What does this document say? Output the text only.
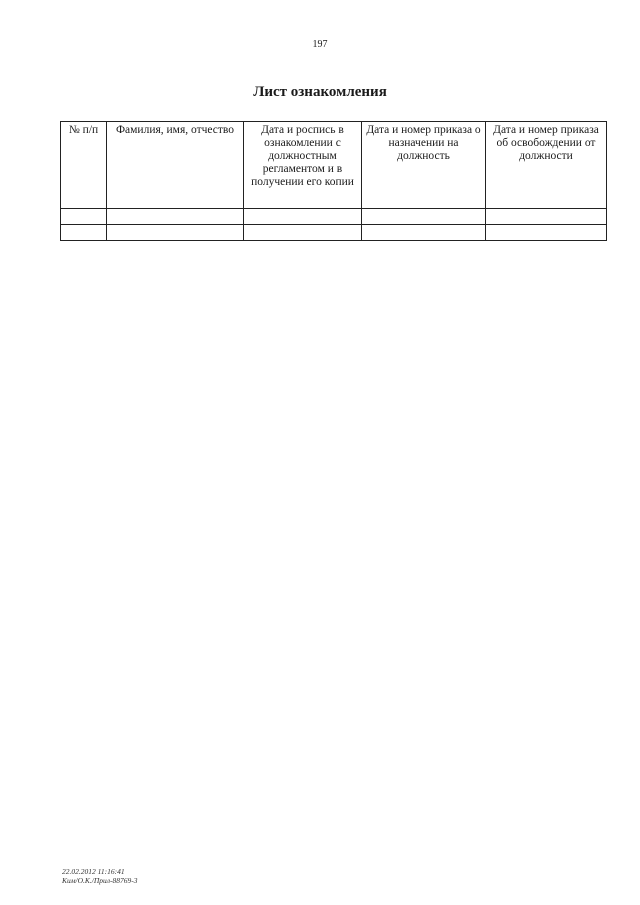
197
Лист ознакомления
№ п/п	Фамилия, имя, отчество	Дата и роспись в ознакомлении с должностным регламентом и в получении его копии	Дата и номер приказа о назначении на должность	Дата и номер приказа об освобождении от должности

22.02.2012 11:16:41
Ким/О.К./Прил-88769-3
